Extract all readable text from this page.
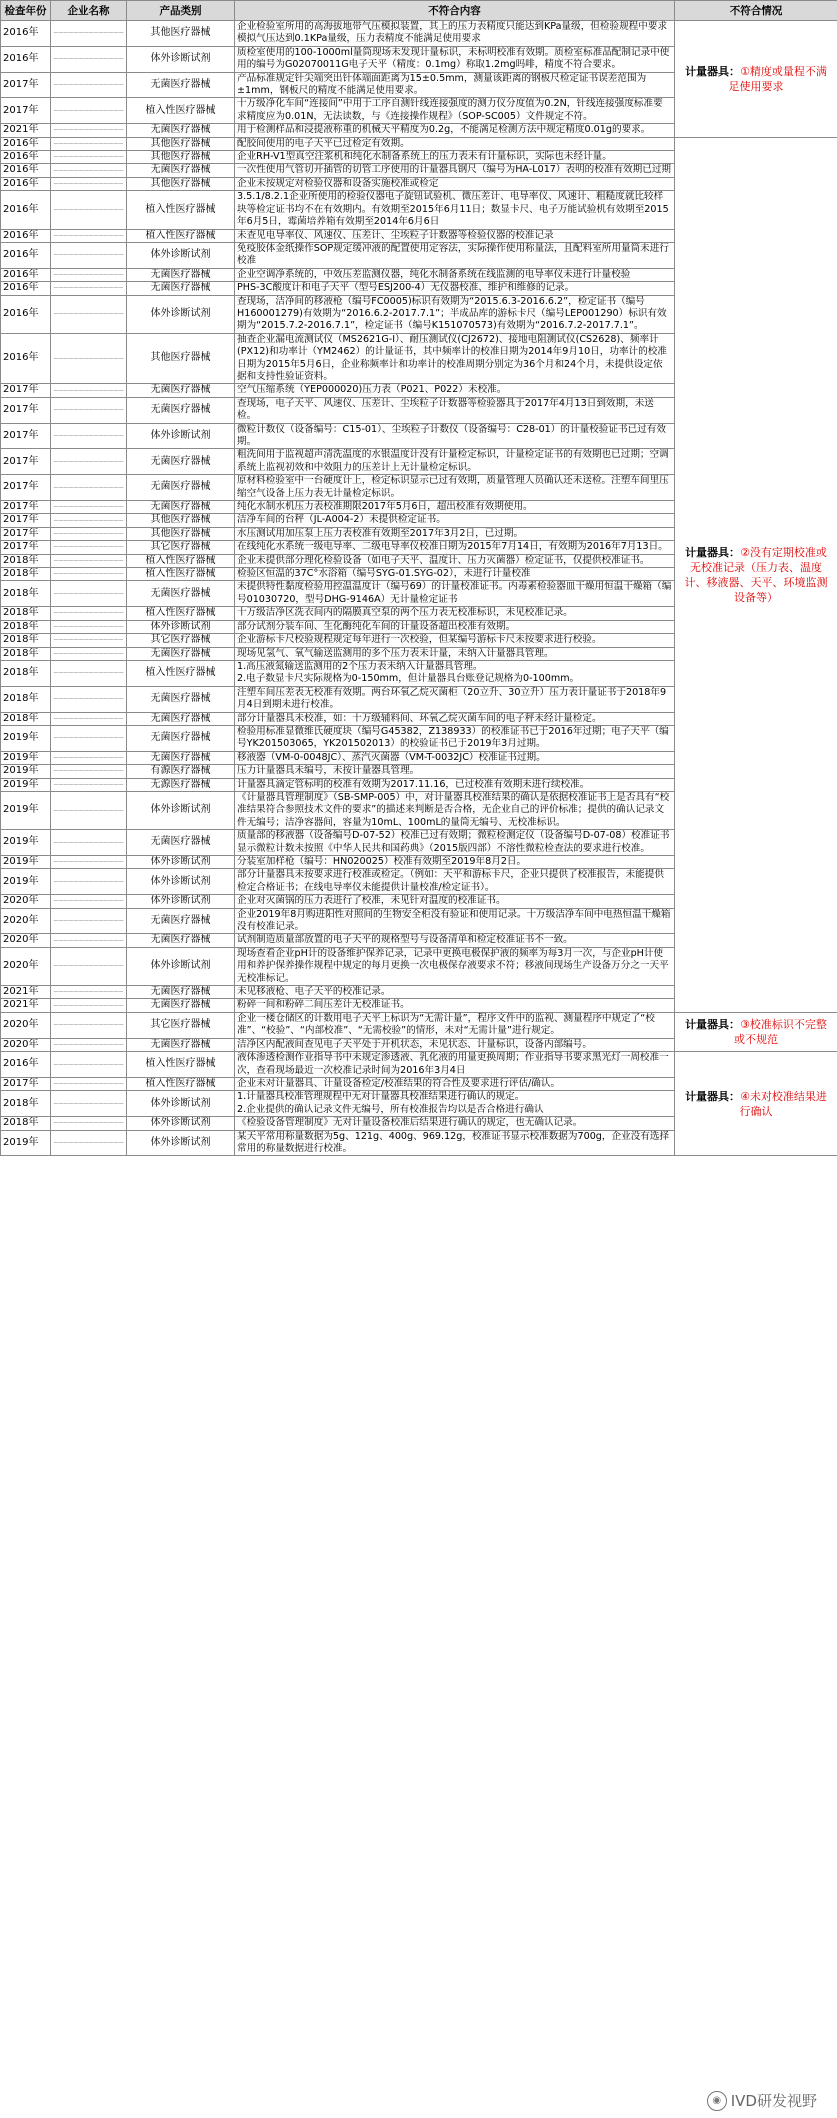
检查年份	企业名称	产品类别	不符合内容	不符合情况
2016年	——————————————	其他医疗器械	企业检验室所用的高海拔地带气压模拟装置，其上的压力表精度只能达到KPa量级，但检验规程中要求模拟气压达到0.1KPa量级，压力表精度不能满足使用要求	计量器具：①精度或量程不满足使用要求
2016年	——————————————	体外诊断试剂	质检室使用的100-1000ml量筒现场未发现计量标识，未标明校准有效期。质检室标准品配制记录中使用的编号为G02070011G电子天平（精度：0.1mg）称取1.2mg吗啡，精度不符合要求。	
2017年	——————————————	无菌医疗器械	产品标准规定针尖端突出针体端面距离为15±0.5mm，测量该距离的钢板尺检定证书误差范围为±1mm，钢板尺的精度不能满足使用要求。	
2017年	——————————————	植入性医疗器械	十万级净化车间“连接间”中用于工序自测针线连接强度的测力仪分度值为0.2N，针线连接强度标准要求精度应为0.01N，无法读数，与《连接操作规程》（SOP-SC005）文件规定不符。	
2021年	——————————————	无菌医疗器械	用于检测样品和浸提液称重的机械天平精度为0.2g，不能满足检测方法中规定精度0.01g的要求。	
2016年	——————————————	其他医疗器械	配胶间使用的电子天平已过检定有效期。	计量器具：②没有定期校准或无校准记录（压力表、温度计、移液器、天平、环境监测设备等）
2016年	——————————————	其他医疗器械	企业RH-V1型真空注浆机和纯化水制备系统上的压力表未有计量标识，实际也未经计量。	
2016年	——————————————	无菌医疗器械	一次性使用气管切开插管的切管工序使用的计量器具钢尺（编号为HA-L017）表明的校准有效期已过期	
2016年	——————————————	其他医疗器械	企业未按规定对检验仪器和设备实施校准或检定	
2016年	——————————————	植入性医疗器械	3.5.1/8.2.1企业所使用的检验仪器电子旋钮试验机、微压差计、电导率仪、风速计、粗糙度就比较样块等检定证书均不在有效期内。有效期至2015年6月11日；数显卡尺、电子万能试验机有效期至2015年6月5日，霉菌培养箱有效期至2014年6月6日	
2016年	——————————————	植入性医疗器械	未查见电导率仪、风速仪、压差计、尘埃粒子计数器等检验仪器的校准记录	
2016年	——————————————	体外诊断试剂	免疫胶体金纸操作SOP规定缓冲液的配置使用定容法，实际操作使用称量法，且配料室所用量筒未进行校准	
2016年	——————————————	无菌医疗器械	企业空调净系统的，中效压差监测仪器，纯化水制备系统在线监测的电导率仪未进行计量校验	
2016年	——————————————	无菌医疗器械	PHS-3C酸度计和电子天平（型号ESJ200-4）无仪器校准、维护和维修的记录。	
2016年	——————————————	体外诊断试剂	查现场，洁净间的移液枪（编号FC0005)标识有效期为“2015.6.3-2016.6.2”，检定证书（编号H160001279)有效期为“2016.6.2-2017.7.1”；半成品库的游标卡尺（编号LEP001290）标识有效期为“2015.7.2-2016.7.1”，检定证书（编号K151070573)有效期为“2016.7.2-2017.7.1”。	
2016年	——————————————	其他医疗器械	抽查企业漏电流测试仪（MS2621G-I）、耐压测试仪(CJ2672)、接地电阻测试仪(CS2628)、频率计(PX12)和功率计（YM2462）的计量证书，其中频率计的校准日期为2014年9月10日，功率计的校准日期为2015年5月6日，企业称频率计和功率计的校准周期分别定为36个月和24个月，未提供设定依据和支持性验证资料。	
2017年	——————————————	无菌医疗器械	空气压缩系统（YEP000020)压力表（P021、P022）未校准。	
2017年	——————————————	无菌医疗器械	查现场，电子天平、风速仪、压差计、尘埃粒子计数器等检验器具于2017年4月13日到效期，未送检。	
2017年	——————————————	体外诊断试剂	微粒计数仪（设备编号：C15-01）、尘埃粒子计数仪（设备编号：C28-01）的计量校验证书已过有效期。	
2017年	——————————————	无菌医疗器械	粗洗间用于监视超声清洗温度的水银温度计没有计量检定标识，计量检定证书的有效期也已过期；空调系统上监视初效和中效阻力的压差计上无计量检定标识。	
2017年	——————————————	无菌医疗器械	原材料检验室中一台硬度计上，检定标识显示已过有效期，质量管理人员确认还未送检。注塑车间里压缩空气设备上压力表无计量检定标识。	
2017年	——————————————	无菌医疗器械	纯化水制水机压力表校准期限2017年5月6日，超出校准有效期使用。	
2017年	——————————————	其他医疗器械	洁净车间的台秤（JL-A004-2）未提供检定证书。	
2017年	——————————————	其他医疗器械	水压测试用加压泵上压力表校准有效期至2017年3月2日，已过期。	
2017年	——————————————	其它医疗器械	在线纯化水系统一级电导率、二级电导率仪校准日期为2015年7月14日，有效期为2016年7月13日。	
2018年	——————————————	植入性医疗器械	企业未提供部分理化检验设备（如电子天平、温度计、压力灭菌器）检定证书，仅提供校准证书。	
2018年	——————————————	植入性医疗器械	检验区恒温的37C°水浴箱（编号SYG-01.SYG-02），未进行计量校准	
2018年	——————————————	无菌医疗器械	未提供特性黏度检验用控温温度计（编号69）的计量校准证书。内毒素检验器皿干燥用恒温干燥箱（编号01030720，型号DHG-9146A）无计量检定证书	
2018年	——————————————	植入性医疗器械	十万级洁净区洗衣间内的隔膜真空泵的两个压力表无校准标识，未见校准记录。	
2018年	——————————————	体外诊断试剂	部分试剂分装车间、生化酶纯化车间的计量设备超出校准有效期。	
2018年	——————————————	其它医疗器械	企业游标卡尺校验规程规定每年进行一次校验，但某编号游标卡尺未按要求进行校验。	
2018年	——————————————	无菌医疗器械	现场见氢气、氧气输送监测用的多个压力表未计量，未纳入计量器具管理。	
2018年	——————————————	植入性医疗器械	1.高压液氮输送监测用的2个压力表未纳入计量器具管理。
2.电子数显卡尺实际规格为0-150mm，但计量器具台账登记规格为0-100mm。	
2018年	——————————————	无菌医疗器械	注塑车间压差表无校准有效期。两台环氧乙烷灭菌柜（20立升、30立升）压力表计量证书于2018年9月4日到期未进行校准。	
2018年	——————————————	无菌医疗器械	部分计量器具未校准，如：十万级辅料间、环氧乙烷灭菌车间的电子秤未经计量检定。	
2019年	——————————————	无菌医疗器械	检验用标准显微维氏硬度块（编号G45382，Z138933）的校准证书已于2016年过期；电子天平（编号YK201503065，YK201502013）的校验证书已于2019年3月过期。	
2019年	——————————————	无菌医疗器械	移液器（VM-0-0048JC）、蒸汽灭菌器（VM-T-0032JC）校准证书过期。	
2019年	——————————————	有源医疗器械	压力计量器具未编号，未按计量器具管理。	
2019年	——————————————	无源医疗器械	计量器具滴定管标明的校准有效期为2017.11.16，已过校准有效期未进行续校准。	
2019年	——————————————	体外诊断试剂	《计量器具管理制度》（SB-SMP-005）中，对计量器具校准结果的确认是依据校准证书上是否具有“校准结果符合参照技术文件的要求”的描述来判断是否合格，无企业自己的评价标准；提供的确认记录文件无编号；洁净容器间，容量为10mL、100mL的量筒无编号、无校准标识。	
2019年	——————————————	无菌医疗器械	质量部的移液器（设备编号D-07-52）校准已过有效期；微粒检测定仪（设备编号D-07-08）校准证书显示微粒计数未按照《中华人民共和国药典》（2015版四部）不溶性微粒检查法的要求进行校准。	
2019年	——————————————	体外诊断试剂	分装室加样枪（编号：HN020025）校准有效期至2019年8月2日。	
2019年	——————————————	体外诊断试剂	部分计量器具未按要求进行校准或检定。（例如：天平和游标卡尺，企业只提供了校准报告，未能提供检定合格证书；在线电导率仪未能提供计量校准/检定证书）。	
2020年	——————————————	体外诊断试剂	企业对灭菌锅的压力表进行了校准，未见针对温度的校准证书。	
2020年	——————————————	无菌医疗器械	企业2019年8月购进阳性对照间的生物安全柜没有验证和使用记录。十万级洁净车间中电热恒温干燥箱没有校准记录。	
2020年	——————————————	无菌医疗器械	试剂制造质量部放置的电子天平的规格型号与设备清单和检定校准证书不一致。	
2020年	——————————————	体外诊断试剂	现场查看企业pH计的设备维护保养记录，记录中更换电极保护液的频率为每3月一次，与企业pH计使用和养护保养操作规程中规定的每月更换一次电极保存液要求不符；移液间现场生产设备万分之一天平无校准标记。	
2021年	——————————————	无菌医疗器械	未见移液枪、电子天平的校准记录。	
2021年	——————————————	无菌医疗器械	粉碎一间和粉碎二间压差计无校准证书。	
2020年	——————————————	其它医疗器械	企业一楼仓储区的计数用电子天平上标识为“无需计量”，程序文件中的监视、测量程序中规定了“校准”、“校验”、“内部校准”、“无需校验”的情形，未对“无需计量”进行规定。	计量器具：③校准标识不完整或不规范
2020年	——————————————	无菌医疗器械	洁净区内配液间查见电子天平处于开机状态，未见状态、计量标识，设备内部编号。	
2016年	——————————————	植入性医疗器械	液体渗透检测作业指导书中未规定渗透液、乳化液的用量更换周期；作业指导书要求黑光灯一周校准一次，查看现场最近一次校准记录时间为2016年3月4日	计量器具：④未对校准结果进行确认
2017年	——————————————	植入性医疗器械	企业未对计量器具、计量设备检定/校准结果的符合性及要求进行评估/确认。	
2018年	——————————————	体外诊断试剂	1.计量器具校准管理规程中无对计量器具校准结果进行确认的规定。
2.企业提供的确认记录文件无编号，所有校准报告均以是否合格进行确认	
2018年	——————————————	体外诊断试剂	《检验设备管理制度》无对计量设备校准后结果进行确认的规定，也无确认记录。	
2019年	——————————————	体外诊断试剂	某天平常用称量数据为5g、121g、400g、969.12g，校准证书显示校准数据为700g，企业没有选择常用的称量数据进行校准。	
◉ IVD研发视野
